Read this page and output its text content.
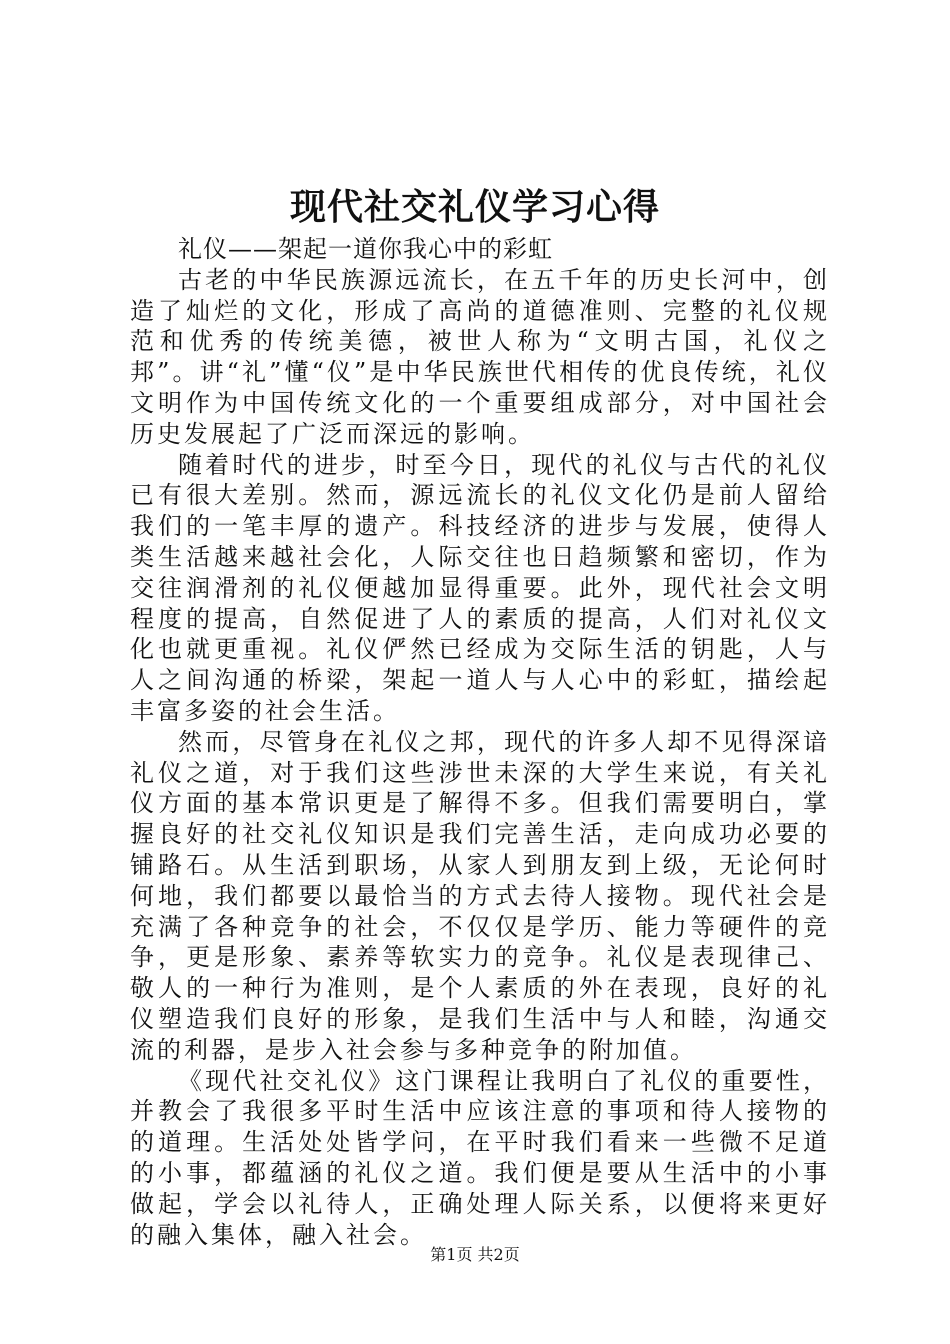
现代社交礼仪学习心得

礼仪——架起一道你我心中的彩虹

古老的中华民族源远流长，在五千年的历史长河中，创造了灿烂的文化，形成了高尚的道德准则、完整的礼仪规范和优秀的传统美德，被世人称为“文明古国，礼仪之邦”。讲“礼”懂“仪”是中华民族世代相传的优良传统，礼仪文明作为中国传统文化的一个重要组成部分，对中国社会历史发展起了广泛而深远的影响。

随着时代的进步，时至今日，现代的礼仪与古代的礼仪已有很大差别。然而，源远流长的礼仪文化仍是前人留给我们的一笔丰厚的遗产。科技经济的进步与发展，使得人类生活越来越社会化，人际交往也日趋频繁和密切，作为交往润滑剂的礼仪便越加显得重要。此外，现代社会文明程度的提高，自然促进了人的素质的提高，人们对礼仪文化也就更重视。礼仪俨然已经成为交际生活的钥匙，人与人之间沟通的桥梁，架起一道人与人心中的彩虹，描绘起丰富多姿的社会生活。

然而，尽管身在礼仪之邦，现代的许多人却不见得深谙礼仪之道，对于我们这些涉世未深的大学生来说，有关礼仪方面的基本常识更是了解得不多。但我们需要明白，掌握良好的社交礼仪知识是我们完善生活，走向成功必要的铺路石。从生活到职场，从家人到朋友到上级，无论何时何地，我们都要以最恰当的方式去待人接物。现代社会是充满了各种竞争的社会，不仅仅是学历、能力等硬件的竞争，更是形象、素养等软实力的竞争。礼仪是表现律己、敬人的一种行为准则，是个人素质的外在表现，良好的礼仪塑造我们良好的形象，是我们生活中与人和睦，沟通交流的利器，是步入社会参与多种竞争的附加值。

《现代社交礼仪》这门课程让我明白了礼仪的重要性，并教会了我很多平时生活中应该注意的事项和待人接物的的道理。生活处处皆学问，在平时我们看来一些微不足道的小事，都蕴涵的礼仪之道。我们便是要从生活中的小事做起，学会以礼待人，正确处理人际关系，以便将来更好的融入集体，融入社会。

第1页 共2页
